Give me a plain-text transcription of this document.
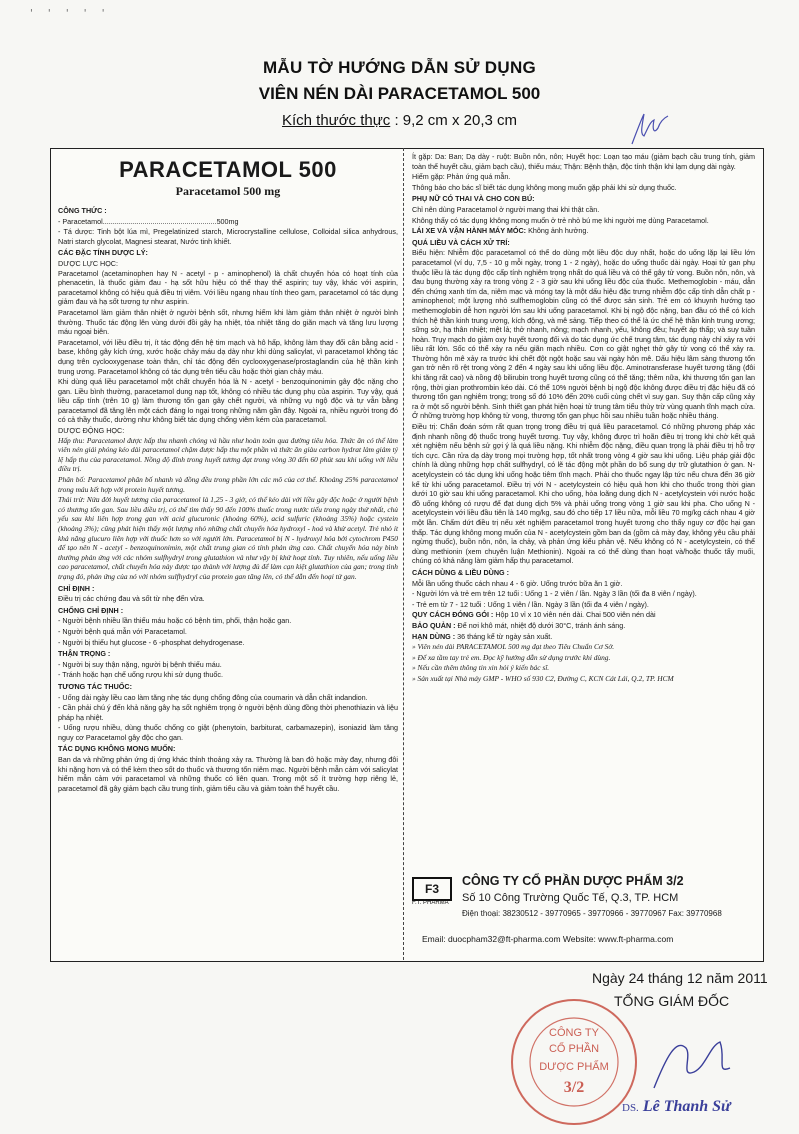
' ' ' ' '
MẪU TỜ HƯỚNG DẪN SỬ DỤNG
VIÊN NÉN DÀI PARACETAMOL 500
Kích thước thực : 9,2 cm x 20,3 cm
PARACETAMOL 500
Paracetamol 500 mg

CÔNG THỨC :

- Paracetamol.........................................................500mg

- Tá dược: Tinh bột lúa mì, Pregelatinized starch, Microcrystalline cellulose, Colloidal silica anhydrous, Natri starch glycolat, Magnesi stearat, Nước tinh khiết.

CÁC ĐẶC TÍNH DƯỢC LÝ:

DƯỢC LỰC HỌC:

Paracetamol (acetaminophen hay N - acetyl - p - aminophenol) là chất chuyển hóa có hoạt tính của phenacetin, là thuốc giảm đau - hạ sốt hữu hiệu có thể thay thế aspirin; tuy vậy, khác với aspirin, paracetamol không có hiệu quả điều trị viêm. Với liều ngang nhau tính theo gam, paracetamol có tác dụng giảm đau và hạ sốt tương tự như aspirin.

Paracetamol làm giảm thân nhiệt ở người bệnh sốt, nhưng hiếm khi làm giảm thân nhiệt ở người bình thường. Thuốc tác động lên vùng dưới đồi gây hạ nhiệt, tỏa nhiệt tăng do giãn mạch và tăng lưu lượng máu ngoại biên.

Paracetamol, với liều điều trị, ít tác động đến hệ tim mạch và hô hấp, không làm thay đổi cân bằng acid - base, không gây kích ứng, xước hoặc chảy máu dạ dày như khi dùng salicylat, vì paracetamol không tác dụng trên cyclooxygenase toàn thân, chỉ tác động đến cyclooxygenase/prostaglandin của hệ thần kinh trung ương. Paracetamol không có tác dụng trên tiểu cầu hoặc thời gian chảy máu.

Khi dùng quá liều paracetamol một chất chuyển hóa là N - acetyl - benzoquinonimin gây độc nặng cho gan. Liều bình thường, paracetamol dung nạp tốt, không có nhiều tác dụng phụ của aspirin. Tuy vậy, quá liều cấp tính (trên 10 g) làm thương tổn gan gây chết người, và những vụ ngộ độc và tự vẫn bằng paracetamol đã tăng lên một cách đáng lo ngại trong những năm gần đây. Ngoài ra, nhiều người trong đó có cả thầy thuốc, dường như không biết tác dụng chống viêm kém của paracetamol.

DƯỢC ĐỘNG HỌC:

Hấp thu: Paracetamol được hấp thu nhanh chóng và hầu như hoàn toàn qua đường tiêu hóa. Thức ăn có thể làm viên nén giải phóng kéo dài paracetamol chậm được hấp thu một phần và thức ăn giàu carbon hydrat làm giảm tỷ lệ hấp thu của paracetamol. Nồng độ đỉnh trong huyết tương đạt trong vòng 30 đến 60 phút sau khi uống với liều điều trị.

Phân bố: Paracetamol phân bố nhanh và đồng đều trong phần lớn các mô của cơ thể. Khoảng 25% paracetamol trong máu kết hợp với protein huyết tương.

Thải trừ: Nửa đời huyết tương của paracetamol là 1,25 - 3 giờ, có thể kéo dài với liều gây độc hoặc ở người bệnh có thương tổn gan. Sau liều điều trị, có thể tìm thấy 90 đến 100% thuốc trong nước tiểu trong ngày thứ nhất, chủ yếu sau khi liên hợp trong gan với acid glucuronic (khoảng 60%), acid sulfuric (khoảng 35%) hoặc cystein (khoảng 3%); cũng phát hiện thấy một lượng nhỏ những chất chuyển hóa hydroxyl - hoá và khử acetyl. Trẻ nhỏ ít khả năng glucuro liên hợp với thuốc hơn so với người lớn. Paracetamol bị N - hydroxyl hóa bởi cytochrom P450 để tạo nên N - acetyl - benzoquinonimin, một chất trung gian có tính phản ứng cao. Chất chuyển hóa này bình thường phản ứng với các nhóm sulfhydryl trong glutathion và như vậy bị khử hoạt tính. Tuy nhiên, nếu uống liều cao paracetamol, chất chuyển hóa này được tạo thành với lượng đủ để làm cạn kiệt glutathion của gan; trong tình trạng đó, phản ứng của nó với nhóm sulfhydryl của protein gan tăng lên, có thể dẫn đến hoại tử gan.

CHỈ ĐỊNH :

Điều trị các chứng đau và sốt từ nhẹ đến vừa.

CHỐNG CHỈ ĐỊNH :

- Người bệnh nhiều lần thiếu máu hoặc có bệnh tim, phổi, thận hoặc gan.

- Người bệnh quá mẫn với Paracetamol.

- Người bị thiếu hụt glucose - 6 -phosphat dehydrogenase.

THẬN TRỌNG :

- Người bị suy thận nặng, người bị bệnh thiếu máu.

- Tránh hoặc hạn chế uống rượu khi sử dụng thuốc.

TƯƠNG TÁC THUỐC:

- Uống dài ngày liều cao làm tăng nhẹ tác dụng chống đông của coumarin và dẫn chất indandion.

- Cần phải chú ý đến khả năng gây hạ sốt nghiêm trọng ở người bệnh dùng đồng thời phenothiazin và liệu pháp hạ nhiệt.

- Uống rượu nhiều, dùng thuốc chống co giật (phenytoin, barbiturat, carbamazepin), isoniazid làm tăng nguy cơ Paracetamol gây độc cho gan.

TÁC DỤNG KHÔNG MONG MUỐN:

Ban da và những phản ứng dị ứng khác thỉnh thoảng xảy ra. Thường là ban đỏ hoặc mày đay, nhưng đôi khi nặng hơn và có thể kèm theo sốt do thuốc và thương tổn niêm mạc. Người bệnh mẫn cảm với salicylat hiếm mẫn cảm với paracetamol và những thuốc có liên quan. Trong một số ít trường hợp riêng lẻ, paracetamol đã gây giảm bạch cầu trung tính, giảm tiểu cầu và giảm toàn thể huyết cầu.

Ít gặp: Da: Ban; Dạ dày - ruột: Buồn nôn, nôn; Huyết học: Loạn tạo máu (giảm bạch cầu trung tính, giảm toàn thể huyết cầu, giảm bạch cầu), thiếu máu; Thận: Bệnh thận, độc tính thận khi lạm dụng dài ngày.

Hiếm gặp: Phản ứng quá mẫn.

Thông báo cho bác sĩ biết tác dụng không mong muốn gặp phải khi sử dụng thuốc.

PHỤ NỮ CÓ THAI VÀ CHO CON BÚ:

Chỉ nên dùng Paracetamol ở người mang thai khi thật cần.

Không thấy có tác dụng không mong muốn ở trẻ nhỏ bú mẹ khi người mẹ dùng Paracetamol.

LÁI XE VÀ VẬN HÀNH MÁY MÓC: Không ảnh hưởng.

QUÁ LIỀU VÀ CÁCH XỬ TRÍ:

Biểu hiện: Nhiễm độc paracetamol có thể do dùng một liều độc duy nhất, hoặc do uống lặp lại liều lớn paracetamol (ví dụ, 7,5 - 10 g mỗi ngày, trong 1 - 2 ngày), hoặc do uống thuốc dài ngày. Hoại tử gan phụ thuộc liều là tác dụng độc cấp tính nghiêm trọng nhất do quá liều và có thể gây tử vong. Buồn nôn, nôn, và đau bụng thường xảy ra trong vòng 2 - 3 giờ sau khi uống liều độc của thuốc. Methemoglobin - máu, dẫn đến chứng xanh tím da, niêm mạc và móng tay là một dấu hiệu đặc trưng nhiễm độc cấp tính dẫn chất p - aminophenol; một lượng nhỏ sulfhemoglobin cũng có thể được sản sinh. Trẻ em có khuynh hướng tạo methemoglobin dễ hơn người lớn sau khi uống paracetamol. Khi bị ngộ độc nặng, ban đầu có thể có kích thích hệ thần kinh trung ương, kích động, và mê sảng. Tiếp theo có thể là ức chế hệ thần kinh trung ương; sững sờ, hạ thân nhiệt; mệt lả; thở nhanh, nông; mạch nhanh, yếu, không đều; huyết áp thấp; và suy tuần hoàn. Trụy mạch do giảm oxy huyết tương đối và do tác dụng ức chế trung tâm, tác dụng này chỉ xảy ra với liều rất lớn. Sốc có thể xảy ra nếu giãn mạch nhiều. Cơn co giật nghẹt thở gây tử vong có thể xảy ra. Thường hôn mê xảy ra trước khi chết đột ngột hoặc sau vài ngày hôn mê. Dấu hiệu lâm sàng thương tổn gan trở nên rõ rệt trong vòng 2 đến 4 ngày sau khi uống liều độc. Aminotransferase huyết tương tăng (đôi khi tăng rất cao) và nồng độ bilirubin trong huyết tương cũng có thể tăng; thêm nữa, khi thương tổn gan lan rộng, thời gian prothrombin kéo dài. Có thể 10% người bệnh bị ngộ độc không được điều trị đặc hiệu đã có thương tổn gan nghiêm trọng; trong số đó 10% đến 20% cuối cùng chết vì suy gan. Suy thận cấp cũng xảy ra ở một số người bệnh. Sinh thiết gan phát hiện hoại tử trung tâm tiểu thùy trừ vùng quanh tĩnh mạch cửa. Ở những trường hợp không tử vong, thương tổn gan phục hồi sau nhiều tuần hoặc nhiều tháng.

Điều trị: Chẩn đoán sớm rất quan trọng trong điều trị quá liều paracetamol. Có những phương pháp xác định nhanh nồng độ thuốc trong huyết tương. Tuy vậy, không được trì hoãn điều trị trong khi chờ kết quả xét nghiệm nếu bệnh sử gợi ý là quá liều nặng. Khi nhiễm độc nặng, điều quan trọng là phải điều trị hỗ trợ tích cực. Cần rửa dạ dày trong mọi trường hợp, tốt nhất trong vòng 4 giờ sau khi uống. Liệu pháp giải độc chính là dùng những hợp chất sulfhydryl, có lẽ tác động một phần do bổ sung dự trữ glutathion ở gan. N-acetylcystein có tác dụng khi uống hoặc tiêm tĩnh mạch. Phải cho thuốc ngay lập tức nếu chưa đến 36 giờ kể từ khi uống paracetamol. Điều trị với N - acetylcystein có hiệu quả hơn khi cho thuốc trong thời gian dưới 10 giờ sau khi uống paracetamol. Khi cho uống, hòa loãng dung dịch N - acetylcystein với nước hoặc đồ uống không có rượu để đạt dung dịch 5% và phải uống trong vòng 1 giờ sau khi pha. Cho uống N - acetylcystein với liều đầu tiên là 140 mg/kg, sau đó cho tiếp 17 liều nữa, mỗi liều 70 mg/kg cách nhau 4 giờ một lần. Chấm dứt điều trị nếu xét nghiệm paracetamol trong huyết tương cho thấy nguy cơ độc hại gan thấp. Tác dụng không mong muốn của N - acetylcystein gồm ban da (gồm cả mày đay, không yêu cầu phải ngừng thuốc), buồn nôn, nôn, ỉa chảy, và phản ứng kiểu phản vệ. Nếu không có N - acetylcystein, có thể dùng methionin (xem chuyên luận Methionin). Ngoài ra có thể dùng than hoạt và/hoặc thuốc tẩy muối, chúng có khả năng làm giảm hấp thụ paracetamol.

CÁCH DÙNG & LIỀU DÙNG :

Mỗi lần uống thuốc cách nhau 4 - 6 giờ. Uống trước bữa ăn 1 giờ.

- Người lớn và trẻ em trên 12 tuổi : Uống 1 - 2 viên / lần. Ngày 3 lần (tối đa 8 viên / ngày).

- Trẻ em từ 7 - 12 tuổi : Uống 1 viên / lần. Ngày 3 lần (tối đa 4 viên / ngày).

QUY CÁCH ĐÓNG GÓI : Hộp 10 vỉ x 10 viên nén dài. Chai 500 viên nén dài

BẢO QUẢN : Để nơi khô mát, nhiệt độ dưới 30°C, tránh ánh sáng.

HẠN DÙNG : 36 tháng kể từ ngày sản xuất.

» Viên nén dài PARACETAMOL 500 mg đạt theo Tiêu Chuẩn Cơ Sở.

» Để xa tầm tay trẻ em. Đọc kỹ hướng dẫn sử dụng trước khi dùng.

» Nếu cần thêm thông tin xin hỏi ý kiến bác sĩ.

» Sản xuất tại Nhà máy GMP - WHO số 930 C2, Đường C, KCN Cát Lái, Q.2, TP. HCM

F3
F.T. PHARMA
CÔNG TY CỔ PHẦN DƯỢC PHẨM 3/2
Số 10 Công Trường Quốc Tế, Q.3, TP. HCM
Điện thoại: 38230512 - 39770965 - 39770966 - 39770967 Fax: 39770968
Email: duocpham32@ft-pharma.com Website: www.ft-pharma.com
Ngày 24 tháng 12 năm 2011
TỔNG GIÁM ĐỐC
CÔNG TY
CỔ PHẦN
DƯỢC PHẨM
3/2
DS. Lê Thanh Sử
